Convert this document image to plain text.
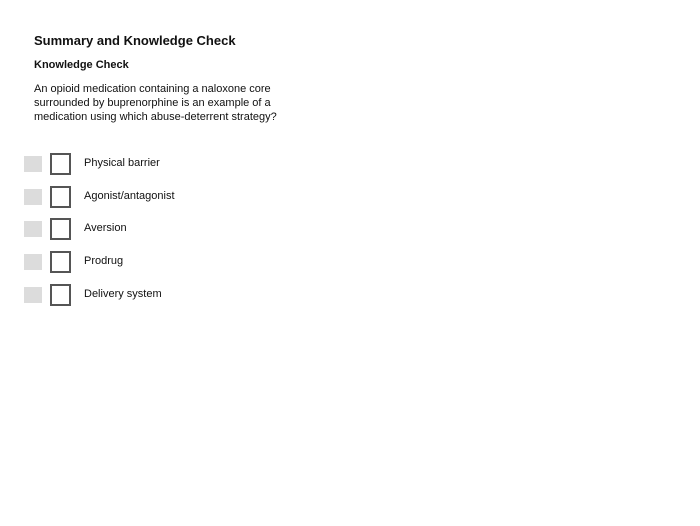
Summary and Knowledge Check
Knowledge Check

An opioid medication containing a naloxone core surrounded by buprenorphine is an example of a medication using which abuse-deterrent strategy?

Physical barrier
Agonist/antagonist
Aversion
Prodrug
Delivery system
